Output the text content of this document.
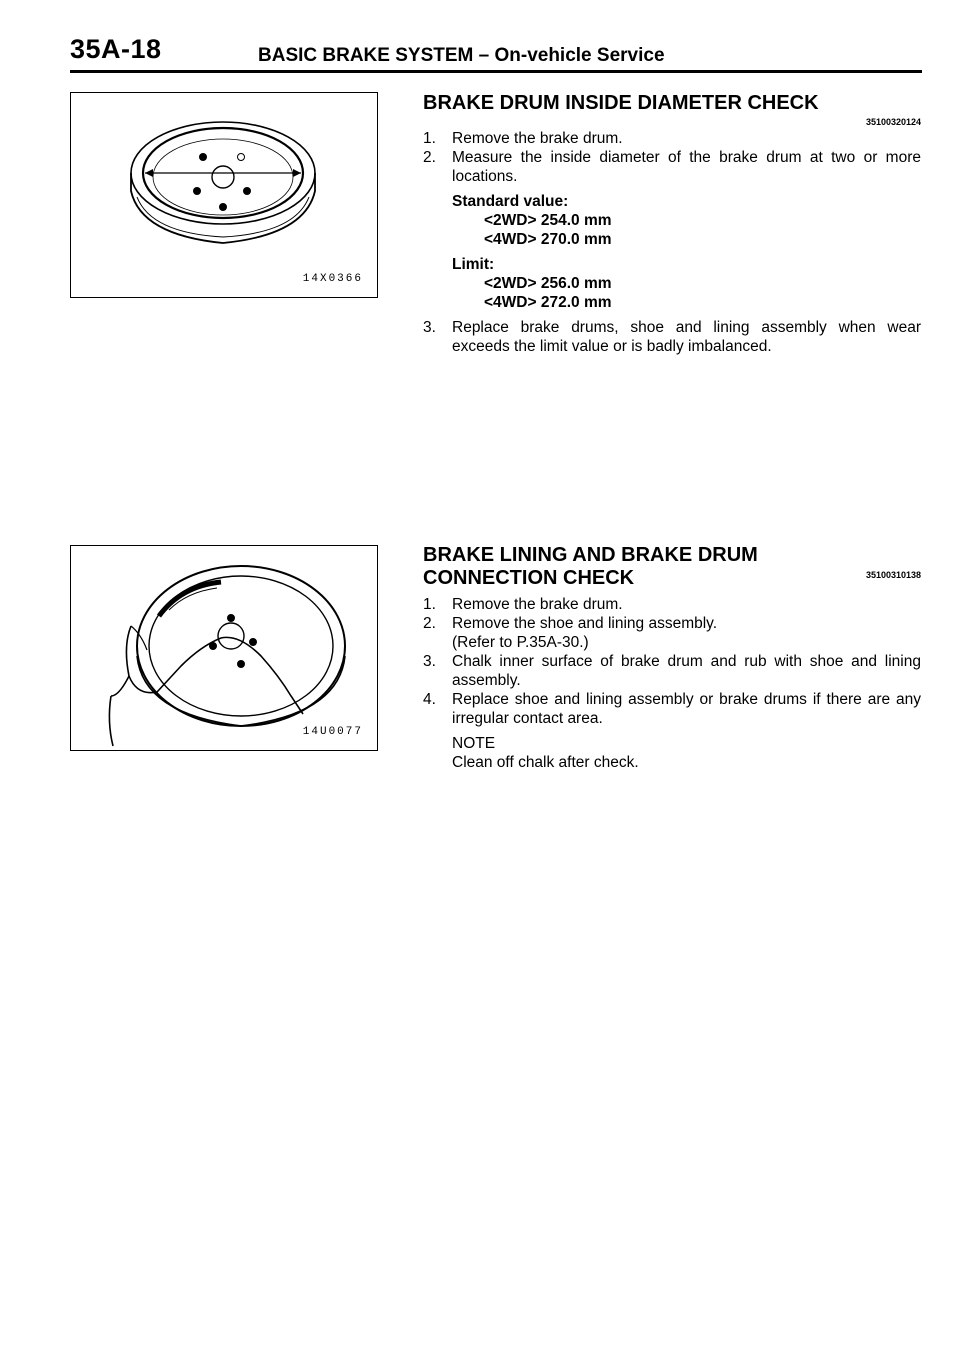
35A-18	BASIC BRAKE SYSTEM – On-vehicle Service
14X0366
14U0077
BRAKE DRUM INSIDE DIAMETER CHECK
35100320124
1.	Remove the brake drum.
2.	Measure the inside diameter of the brake drum at two or more locations.
Standard value:
<2WD> 254.0 mm
<4WD> 270.0 mm
Limit:
<2WD> 256.0 mm
<4WD> 272.0 mm
3.	Replace brake drums, shoe and lining assembly when wear exceeds the limit value or is badly imbalanced.
BRAKE LINING AND BRAKE DRUM
CONNECTION CHECK	35100310138
1.	Remove the brake drum.
2.	Remove the shoe and lining assembly.
(Refer to P.35A-30.)
3.	Chalk inner surface of brake drum and rub with shoe and lining assembly.
4.	Replace shoe and lining assembly or brake drums if there are any irregular contact area.
NOTE
Clean off chalk after check.
